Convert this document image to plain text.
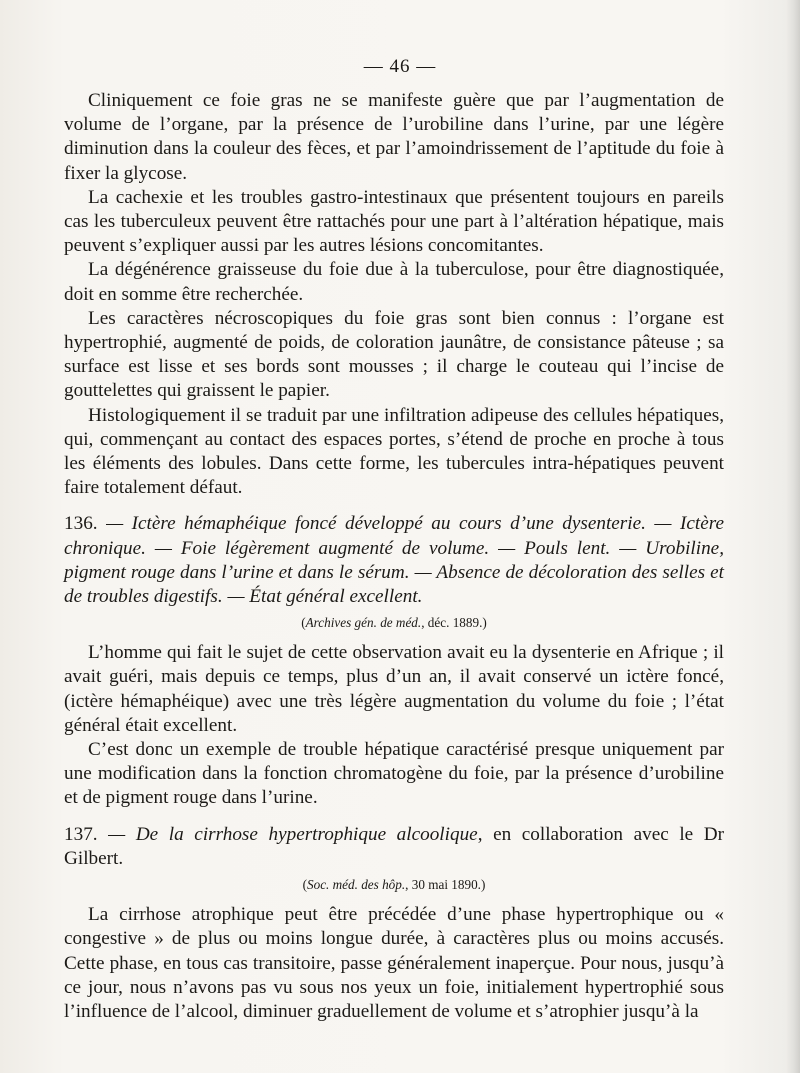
— 46 —

Cliniquement ce foie gras ne se manifeste guère que par l’augmentation de volume de l’organe, par la présence de l’urobiline dans l’urine, par une légère diminution dans la couleur des fèces, et par l’amoindrissement de l’aptitude du foie à fixer la glycose.

La cachexie et les troubles gastro-intestinaux que présentent toujours en pareils cas les tuberculeux peuvent être rattachés pour une part à l’altération hépatique, mais peuvent s’expliquer aussi par les autres lésions concomitantes.

La dégénérence graisseuse du foie due à la tuberculose, pour être diagnostiquée, doit en somme être recherchée.

Les caractères nécroscopiques du foie gras sont bien connus : l’organe est hypertrophié, augmenté de poids, de coloration jaunâtre, de consistance pâteuse ; sa surface est lisse et ses bords sont mousses ; il charge le couteau qui l’incise de gouttelettes qui graissent le papier.

Histologiquement il se traduit par une infiltration adipeuse des cellules hépatiques, qui, commençant au contact des espaces portes, s’étend de proche en proche à tous les éléments des lobules. Dans cette forme, les tubercules intra-hépatiques peuvent faire totalement défaut.

136. — Ictère hémaphéique foncé développé au cours d’une dysenterie. — Ictère chronique. — Foie légèrement augmenté de volume. — Pouls lent. — Urobiline, pigment rouge dans l’urine et dans le sérum. — Absence de décoloration des selles et de troubles digestifs. — État général excellent.

(Archives gén. de méd., déc. 1889.)

L’homme qui fait le sujet de cette observation avait eu la dysenterie en Afrique ; il avait guéri, mais depuis ce temps, plus d’un an, il avait conservé un ictère foncé, (ictère hémaphéique) avec une très légère augmentation du volume du foie ; l’état général était excellent.

C’est donc un exemple de trouble hépatique caractérisé presque uniquement par une modification dans la fonction chromatogène du foie, par la présence d’urobiline et de pigment rouge dans l’urine.

137. — De la cirrhose hypertrophique alcoolique, en collaboration avec le Dr Gilbert.

(Soc. méd. des hôp., 30 mai 1890.)

La cirrhose atrophique peut être précédée d’une phase hypertrophique ou « congestive » de plus ou moins longue durée, à caractères plus ou moins accusés. Cette phase, en tous cas transitoire, passe généralement inaperçue. Pour nous, jusqu’à ce jour, nous n’avons pas vu sous nos yeux un foie, initialement hypertrophié sous l’influence de l’alcool, diminuer graduellement de volume et s’atrophier jusqu’à la
